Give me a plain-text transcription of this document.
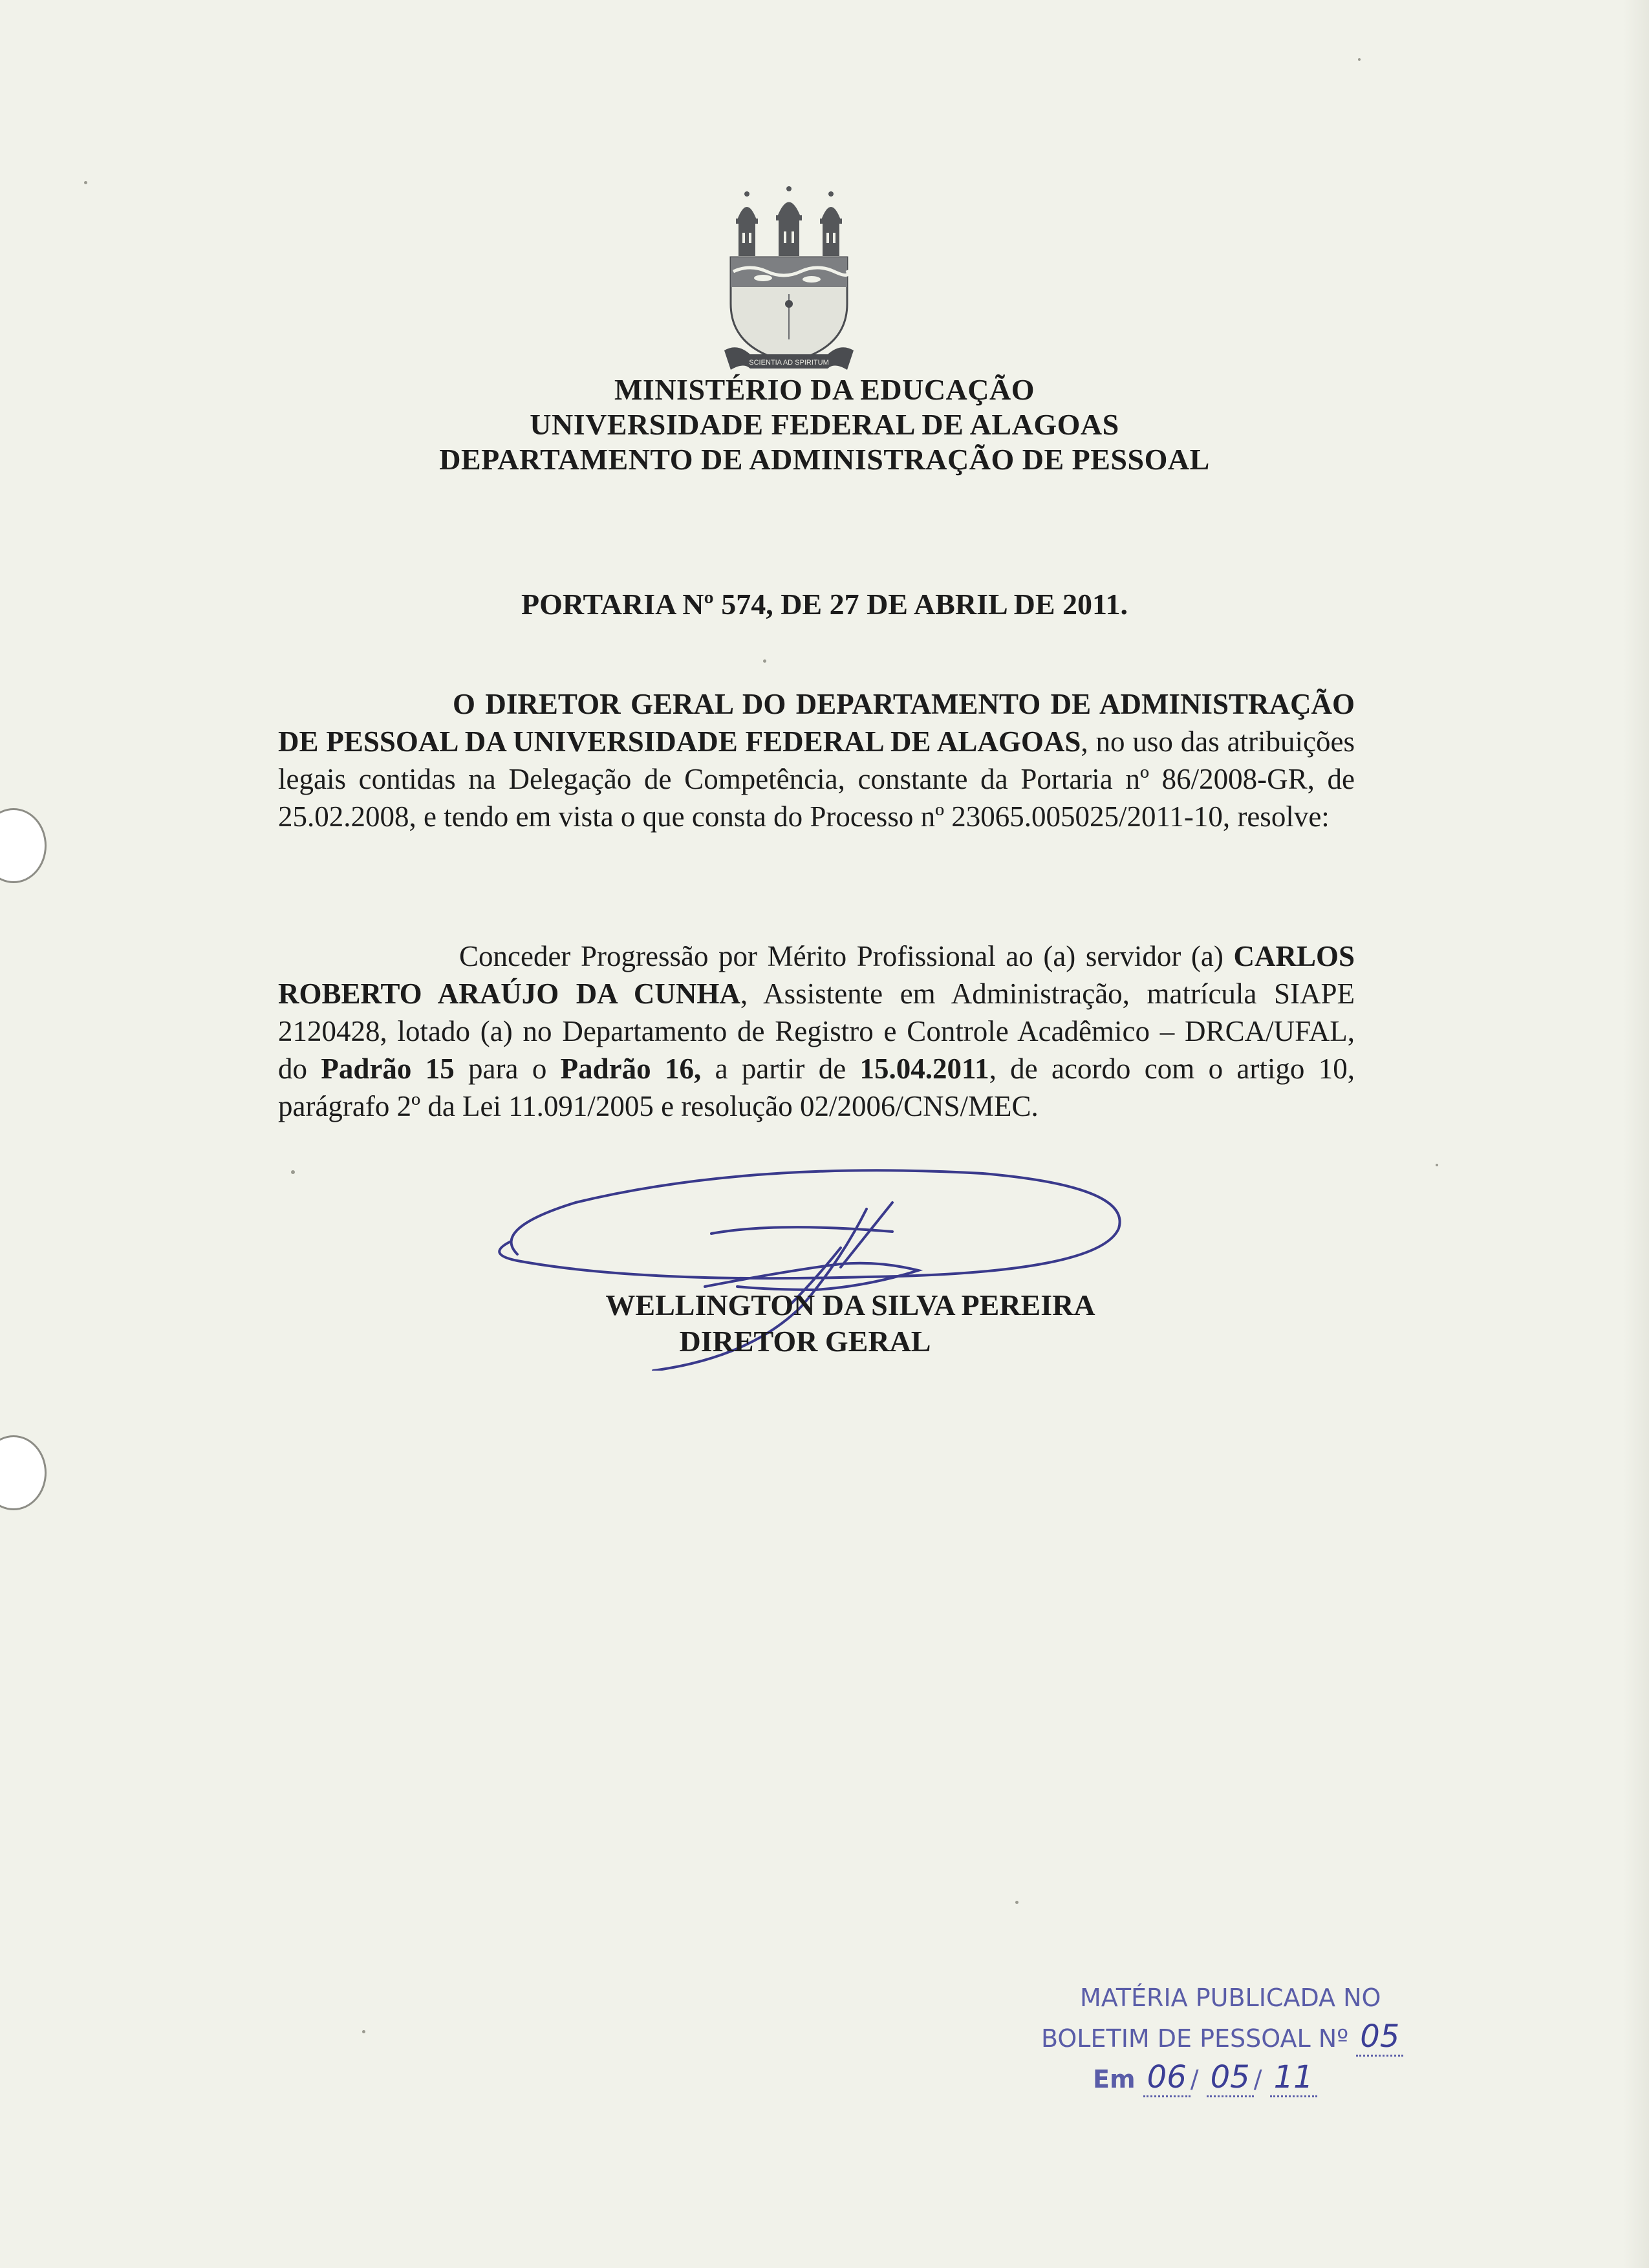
SCIENTIA AD SPIRITUM
MINISTÉRIO DA EDUCAÇÃO
UNIVERSIDADE FEDERAL DE ALAGOAS
DEPARTAMENTO DE ADMINISTRAÇÃO DE PESSOAL
PORTARIA Nº 574, DE 27 DE ABRIL DE 2011.
O DIRETOR GERAL DO DEPARTAMENTO DE ADMINISTRAÇÃO DE PESSOAL DA UNIVERSIDADE FEDERAL DE ALAGOAS, no uso das atribuições legais contidas na Delegação de Competência, constante da Portaria nº 86/2008-GR, de 25.02.2008, e tendo em vista o que consta do Processo nº 23065.005025/2011-10, resolve:
Conceder Progressão por Mérito Profissional ao (a) servidor (a) CARLOS ROBERTO ARAÚJO DA CUNHA, Assistente em Administração, matrícula SIAPE 2120428, lotado (a) no Departamento de Registro e Controle Acadêmico – DRCA/UFAL, do Padrão 15 para o Padrão 16, a partir de 15.04.2011, de acordo com o artigo 10, parágrafo 2º da Lei 11.091/2005 e resolução 02/2006/CNS/MEC.
WELLINGTON DA SILVA PEREIRA
DIRETOR GERAL
MATÉRIA PUBLICADA NO
BOLETIM DE PESSOAL Nº 05
Em 06 / 05 / 11
